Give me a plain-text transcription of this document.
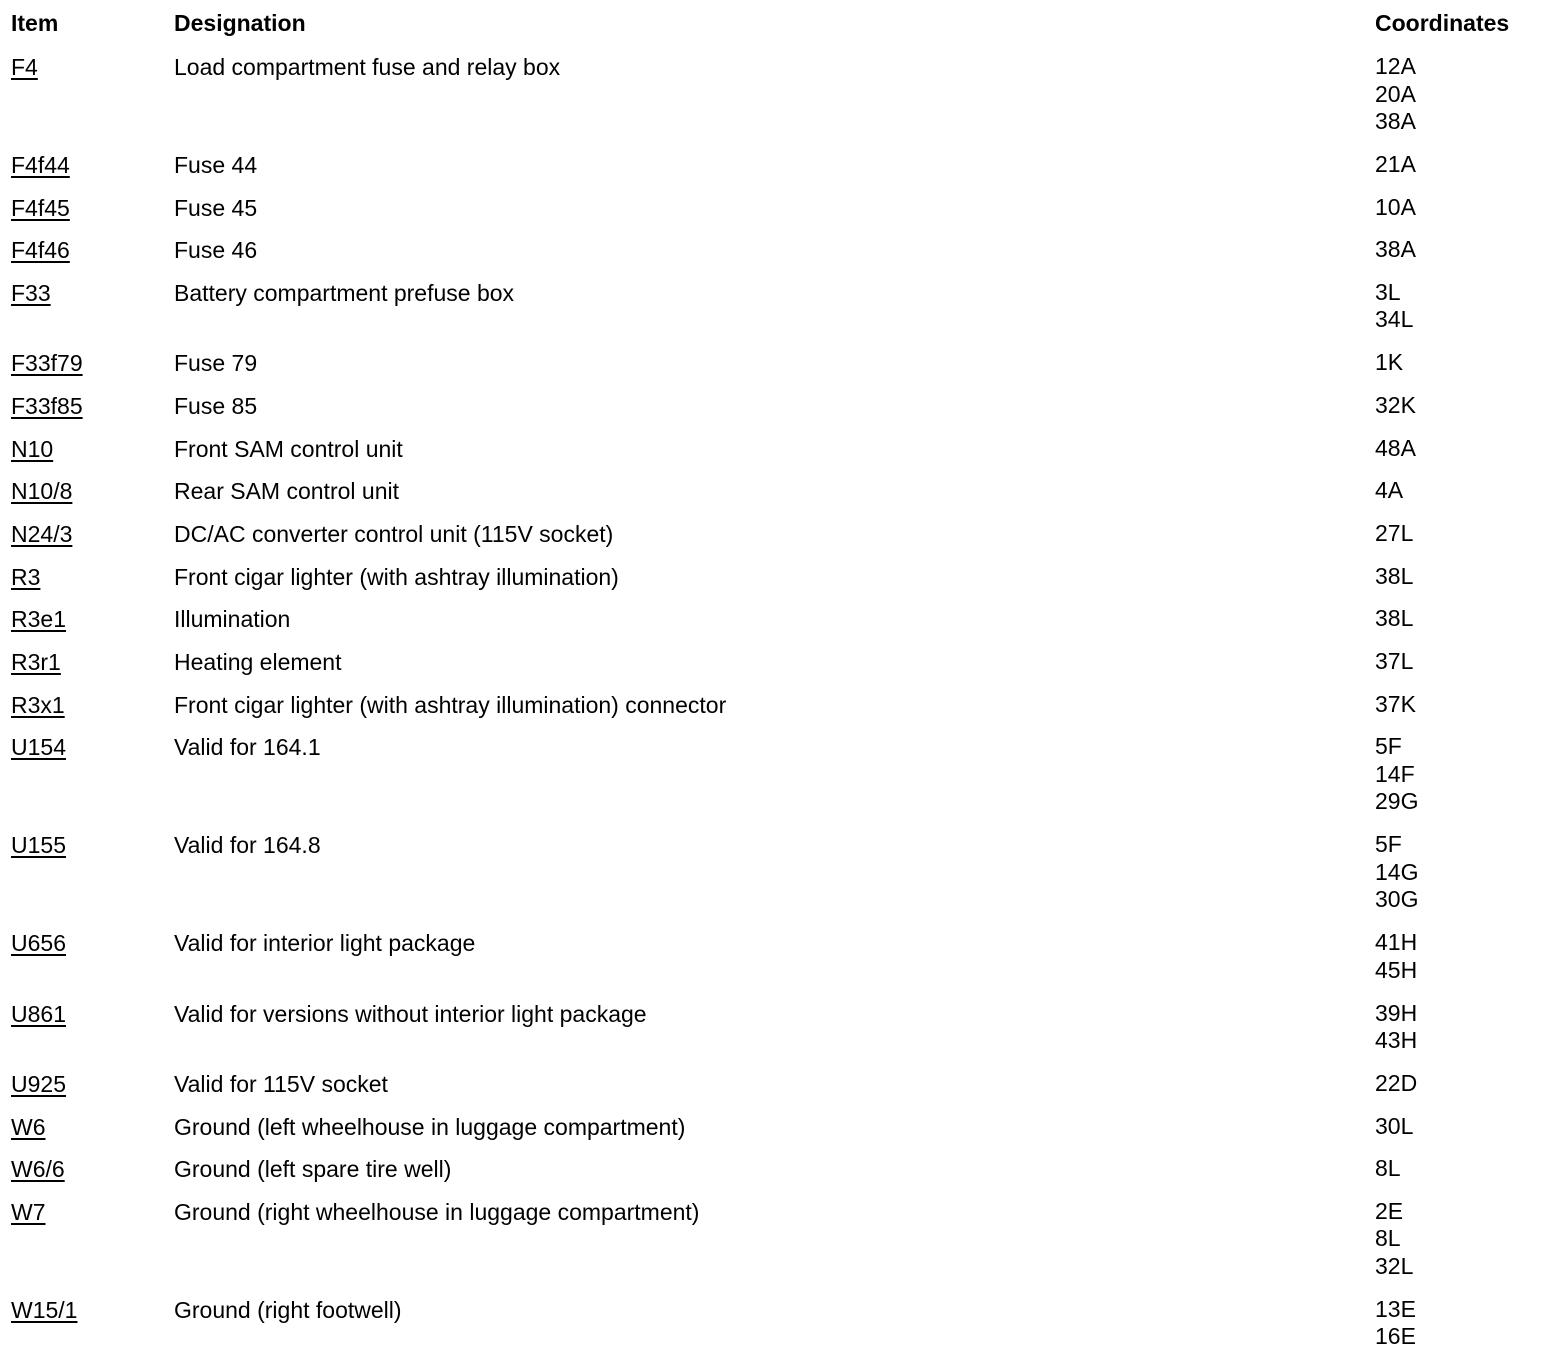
Item	Designation	Coordinates
F4	Load compartment fuse and relay box	12A
20A
38A
F4f44	Fuse 44	21A
F4f45	Fuse 45	10A
F4f46	Fuse 46	38A
F33	Battery compartment prefuse box	3L
34L
F33f79	Fuse 79	1K
F33f85	Fuse 85	32K
N10	Front SAM control unit	48A
N10/8	Rear SAM control unit	4A
N24/3	DC/AC converter control unit (115V socket)	27L
R3	Front cigar lighter (with ashtray illumination)	38L
R3e1	Illumination	38L
R3r1	Heating element	37L
R3x1	Front cigar lighter (with ashtray illumination) connector	37K
U154	Valid for 164.1	5F
14F
29G
U155	Valid for 164.8	5F
14G
30G
U656	Valid for interior light package	41H
45H
U861	Valid for versions without interior light package	39H
43H
U925	Valid for 115V socket	22D
W6	Ground (left wheelhouse in luggage compartment)	30L
W6/6	Ground (left spare tire well)	8L
W7	Ground (right wheelhouse in luggage compartment)	2E
8L
32L
W15/1	Ground (right footwell)	13E
16E
